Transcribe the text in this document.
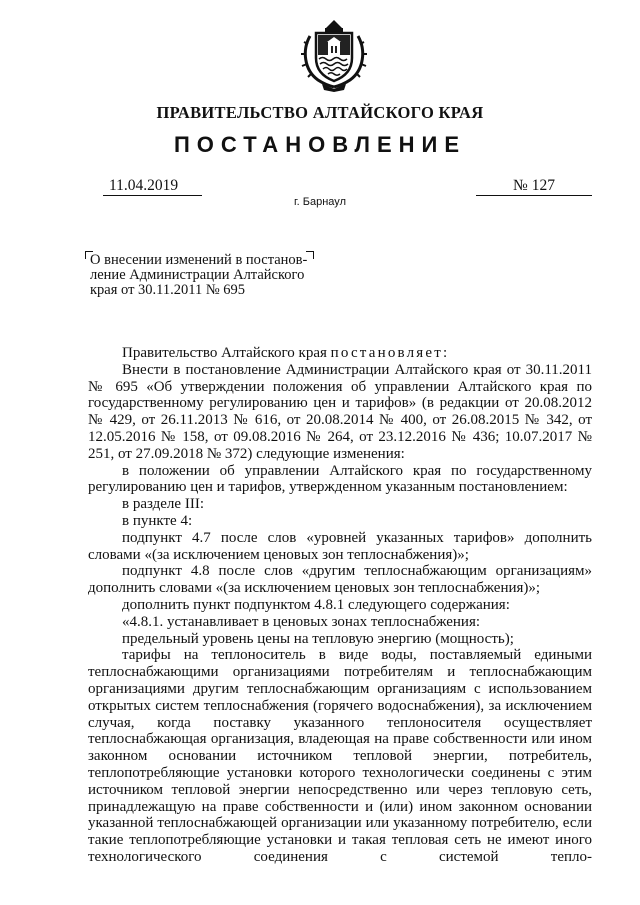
ПРАВИТЕЛЬСТВО АЛТАЙСКОГО КРАЯ
ПОСТАНОВЛЕНИЕ
11.04.2019	№ 127
г. Барнаул
О внесении изменений в постанов-
ление Администрации Алтайского
края от 30.11.2011 № 695

Правительство Алтайского края постановляет:

Внести в постановление Администрации Алтайского края от 30.11.2011 № 695 «Об утверждении положения об управлении Алтайского края по государственному регулированию цен и тарифов» (в редакции от 20.08.2012 № 429, от 26.11.2013 № 616, от 20.08.2014 № 400, от 26.08.2015 № 342, от 12.05.2016 № 158, от 09.08.2016 № 264, от 23.12.2016 № 436; 10.07.2017 № 251, от 27.09.2018 № 372) следующие изменения:

в положении об управлении Алтайского края по государственному регулированию цен и тарифов, утвержденном указанным постановлением:

в разделе III:

в пункте 4:

подпункт 4.7 после слов «уровней указанных тарифов» дополнить словами «(за исключением ценовых зон теплоснабжения)»;

подпункт 4.8 после слов «другим теплоснабжающим организациям» дополнить словами «(за исключением ценовых зон теплоснабжения)»;

дополнить пункт подпунктом 4.8.1 следующего содержания:

«4.8.1. устанавливает в ценовых зонах теплоснабжения:

предельный уровень цены на тепловую энергию (мощность);

тарифы на теплоноситель в виде воды, поставляемый едиными теплоснабжающими организациями потребителям и теплоснабжающим организациями другим теплоснабжающим организациям с использованием открытых систем теплоснабжения (горячего водоснабжения), за исключением случая, когда поставку указанного теплоносителя осуществляет теплоснабжающая организация, владеющая на праве собственности или ином законном основании источником тепловой энергии, потребитель, теплопотребляющие установки которого технологически соединены с этим источником тепловой энергии непосредственно или через тепловую сеть, принадлежащую на праве собственности и (или) ином законном основании указанной теплоснабжающей организации или указанному потребителю, если такие теплопотребляющие установки и такая тепловая сеть не имеют иного технологического соединения с системой тепло-
